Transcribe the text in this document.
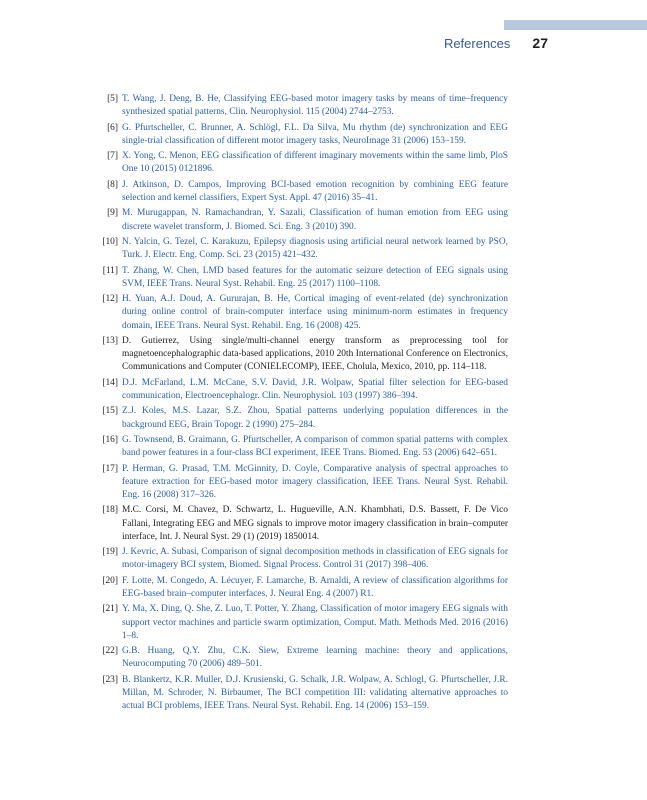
References 27
[5] T. Wang, J. Deng, B. He, Classifying EEG-based motor imagery tasks by means of time–frequency synthesized spatial patterns, Clin. Neurophysiol. 115 (2004) 2744–2753.
[6] G. Pfurtscheller, C. Brunner, A. Schlögl, F.L. Da Silva, Mu rhythm (de) synchronization and EEG single-trial classification of different motor imagery tasks, NeuroImage 31 (2006) 153–159.
[7] X. Yong, C. Menon, EEG classification of different imaginary movements within the same limb, PloS One 10 (2015) 0121896.
[8] J. Atkinson, D. Campos, Improving BCI-based emotion recognition by combining EEG feature selection and kernel classifiers, Expert Syst. Appl. 47 (2016) 35–41.
[9] M. Murugappan, N. Ramachandran, Y. Sazali, Classification of human emotion from EEG using discrete wavelet transform, J. Biomed. Sci. Eng. 3 (2010) 390.
[10] N. Yalcin, G. Tezel, C. Karakuzu, Epilepsy diagnosis using artificial neural network learned by PSO, Turk. J. Electr. Eng. Comp. Sci. 23 (2015) 421–432.
[11] T. Zhang, W. Chen, LMD based features for the automatic seizure detection of EEG signals using SVM, IEEE Trans. Neural Syst. Rehabil. Eng. 25 (2017) 1100–1108.
[12] H. Yuan, A.J. Doud, A. Gururajan, B. He, Cortical imaging of event-related (de) synchronization during online control of brain-computer interface using minimum-norm estimates in frequency domain, IEEE Trans. Neural Syst. Rehabil. Eng. 16 (2008) 425.
[13] D. Gutierrez, Using single/multi-channel energy transform as preprocessing tool for magnetoencephalographic data-based applications, 2010 20th International Conference on Electronics, Communications and Computer (CONIELECOMP), IEEE, Cholula, Mexico, 2010, pp. 114–118.
[14] D.J. McFarland, L.M. McCane, S.V. David, J.R. Wolpaw, Spatial filter selection for EEG-based communication, Electroencephalogr. Clin. Neurophysiol. 103 (1997) 386–394.
[15] Z.J. Koles, M.S. Lazar, S.Z. Zhou, Spatial patterns underlying population differences in the background EEG, Brain Topogr. 2 (1990) 275–284.
[16] G. Townsend, B. Graimann, G. Pfurtscheller, A comparison of common spatial patterns with complex band power features in a four-class BCI experiment, IEEE Trans. Biomed. Eng. 53 (2006) 642–651.
[17] P. Herman, G. Prasad, T.M. McGinnity, D. Coyle, Comparative analysis of spectral approaches to feature extraction for EEG-based motor imagery classification, IEEE Trans. Neural Syst. Rehabil. Eng. 16 (2008) 317–326.
[18] M.C. Corsi, M. Chavez, D. Schwartz, L. Hugueville, A.N. Khambhati, D.S. Bassett, F. De Vico Fallani, Integrating EEG and MEG signals to improve motor imagery classification in brain–computer interface, Int. J. Neural Syst. 29 (1) (2019) 1850014.
[19] J. Kevric, A. Subasi, Comparison of signal decomposition methods in classification of EEG signals for motor-imagery BCI system, Biomed. Signal Process. Control 31 (2017) 398–406.
[20] F. Lotte, M. Congedo, A. Lécuyer, F. Lamarche, B. Arnaldi, A review of classification algorithms for EEG-based brain–computer interfaces, J. Neural Eng. 4 (2007) R1.
[21] Y. Ma, X. Ding, Q. She, Z. Luo, T. Potter, Y. Zhang, Classification of motor imagery EEG signals with support vector machines and particle swarm optimization, Comput. Math. Methods Med. 2016 (2016) 1–8.
[22] G.B. Huang, Q.Y. Zhu, C.K. Siew, Extreme learning machine: theory and applications, Neurocomputing 70 (2006) 489–501.
[23] B. Blankertz, K.R. Muller, D.J. Krusienski, G. Schalk, J.R. Wolpaw, A. Schlogl, G. Pfurtscheller, J.R. Millan, M. Schroder, N. Birbaumer, The BCI competition III: validating alternative approaches to actual BCI problems, IEEE Trans. Neural Syst. Rehabil. Eng. 14 (2006) 153–159.
